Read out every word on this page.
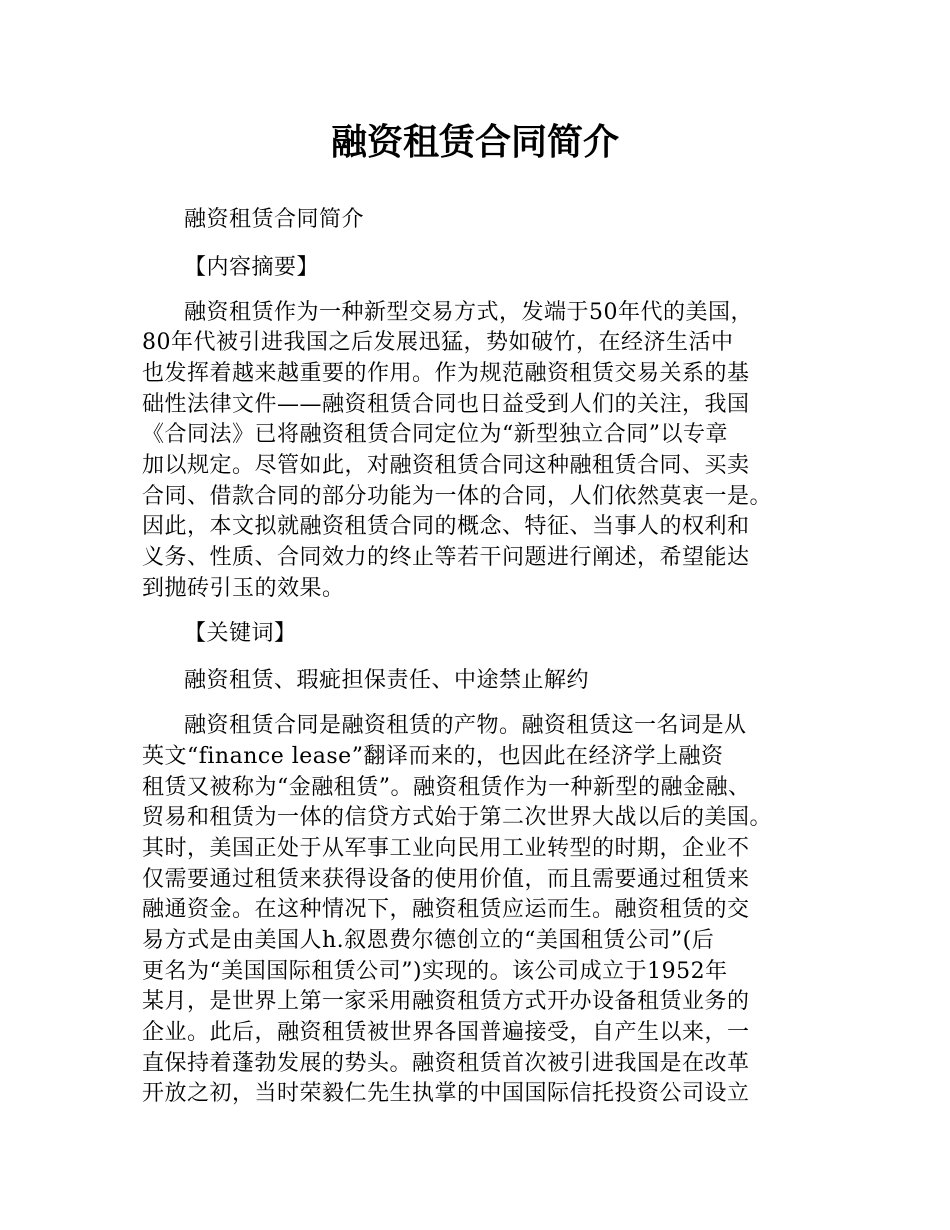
融资租赁合同简介
融资租赁合同简介
【内容摘要】
融资租赁作为一种新型交易方式，发端于50年代的美国，
80年代被引进我国之后发展迅猛，势如破竹，在经济生活中
也发挥着越来越重要的作用。作为规范融资租赁交易关系的基
础性法律文件——融资租赁合同也日益受到人们的关注，我国
《合同法》已将融资租赁合同定位为“新型独立合同”以专章
加以规定。尽管如此，对融资租赁合同这种融租赁合同、买卖
合同、借款合同的部分功能为一体的合同，人们依然莫衷一是。
因此，本文拟就融资租赁合同的概念、特征、当事人的权利和
义务、性质、合同效力的终止等若干问题进行阐述，希望能达
到抛砖引玉的效果。
【关键词】
融资租赁、瑕疵担保责任、中途禁止解约
融资租赁合同是融资租赁的产物。融资租赁这一名词是从
英文“finance lease”翻译而来的，也因此在经济学上融资
租赁又被称为“金融租赁”。融资租赁作为一种新型的融金融、
贸易和租赁为一体的信贷方式始于第二次世界大战以后的美国。
其时，美国正处于从军事工业向民用工业转型的时期，企业不
仅需要通过租赁来获得设备的使用价值，而且需要通过租赁来
融通资金。在这种情况下，融资租赁应运而生。融资租赁的交
易方式是由美国人h.叙恩费尔德创立的“美国租赁公司”(后
更名为“美国国际租赁公司”)实现的。该公司成立于1952年
某月，是世界上第一家采用融资租赁方式开办设备租赁业务的
企业。此后，融资租赁被世界各国普遍接受，自产生以来，一
直保持着蓬勃发展的势头。融资租赁首次被引进我国是在改革
开放之初，当时荣毅仁先生执掌的中国国际信托投资公司设立
